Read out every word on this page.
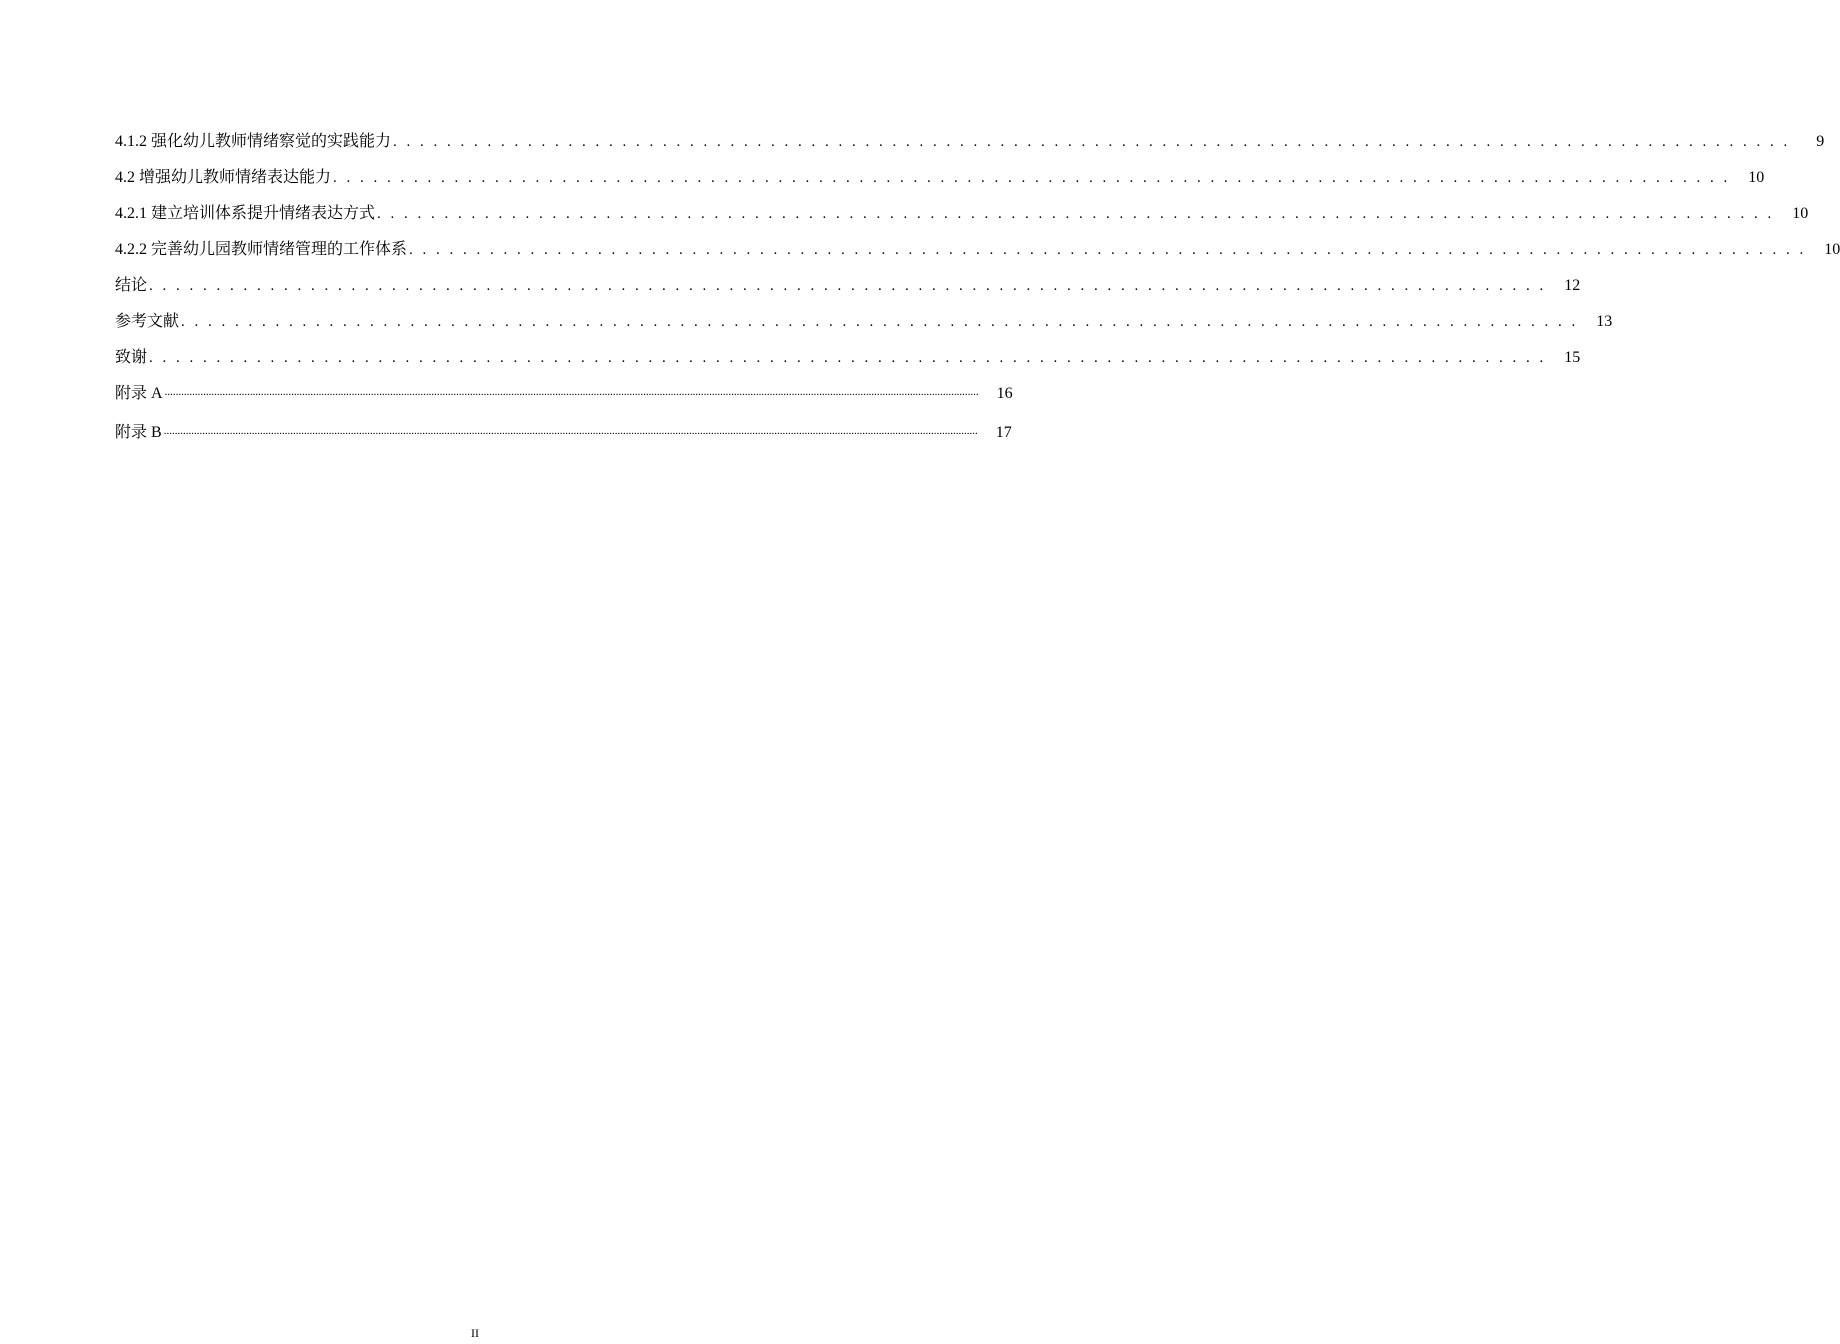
4.1.2 强化幼儿教师情绪察觉的实践能力 . . . . . . . . . . . . . . . . . . . . . . . . . . . . . . . . . . . . . . . . . . . . . . . . . . . . . . . . . . . . . . . . . . . . . . . . . . . . . . . . . . . . . . . . . . . . . . . . . . . . . . . .	9
4.2 增强幼儿教师情绪表达能力 . . . . . . . . . . . . . . . . . . . . . . . . . . . . . . . . . . . . . . . . . . . . . . . . . . . . . . . . . . . . . . . . . . . . . . . . . . . . . . . . . . . . . . . . . . . . . . . . . . . . . . . .	10
4.2.1 建立培训体系提升情绪表达方式 . . . . . . . . . . . . . . . . . . . . . . . . . . . . . . . . . . . . . . . . . . . . . . . . . . . . . . . . . . . . . . . . . . . . . . . . . . . . . . . . . . . . . . . . . . . . . . . . . . . . . . . .	10
4.2.2 完善幼儿园教师情绪管理的工作体系 . . . . . . . . . . . . . . . . . . . . . . . . . . . . . . . . . . . . . . . . . . . . . . . . . . . . . . . . . . . . . . . . . . . . . . . . . . . . . . . . . . . . . . . . . . . . . . . . . . . . . . . .	10
结论 . . . . . . . . . . . . . . . . . . . . . . . . . . . . . . . . . . . . . . . . . . . . . . . . . . . . . . . . . . . . . . . . . . . . . . . . . . . . . . . . . . . . . . . . . . . . . . . . . . . . . . . .	12
参考文献 . . . . . . . . . . . . . . . . . . . . . . . . . . . . . . . . . . . . . . . . . . . . . . . . . . . . . . . . . . . . . . . . . . . . . . . . . . . . . . . . . . . . . . . . . . . . . . . . . . . . . . . .	13
致谢 . . . . . . . . . . . . . . . . . . . . . . . . . . . . . . . . . . . . . . . . . . . . . . . . . . . . . . . . . . . . . . . . . . . . . . . . . . . . . . . . . . . . . . . . . . . . . . . . . . . . . . . .	15
附录 A ........................................................................................................................................................................................................................................................................................................	16
附录 B ........................................................................................................................................................................................................................................................................................................	17
II
